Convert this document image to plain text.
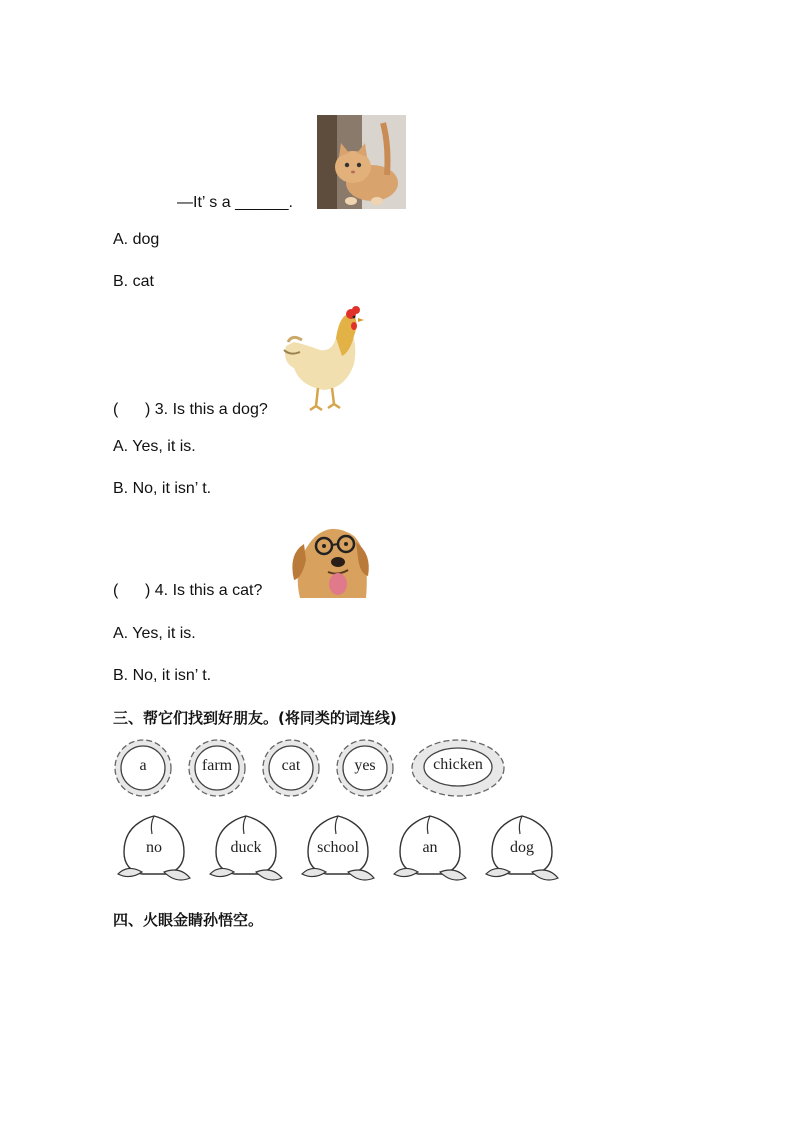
—It’ s a ______.
A. dog
B. cat
(      ) 3. Is this a dog?
A. Yes, it is.
B. No, it isn’ t.
(      ) 4. Is this a cat?
A. Yes, it is.
B. No, it isn’ t.
三、帮它们找到好朋友。(将同类的词连线)
a	farm	cat	yes	chicken
no	duck	school	an	dog
四、火眼金睛孙悟空。
